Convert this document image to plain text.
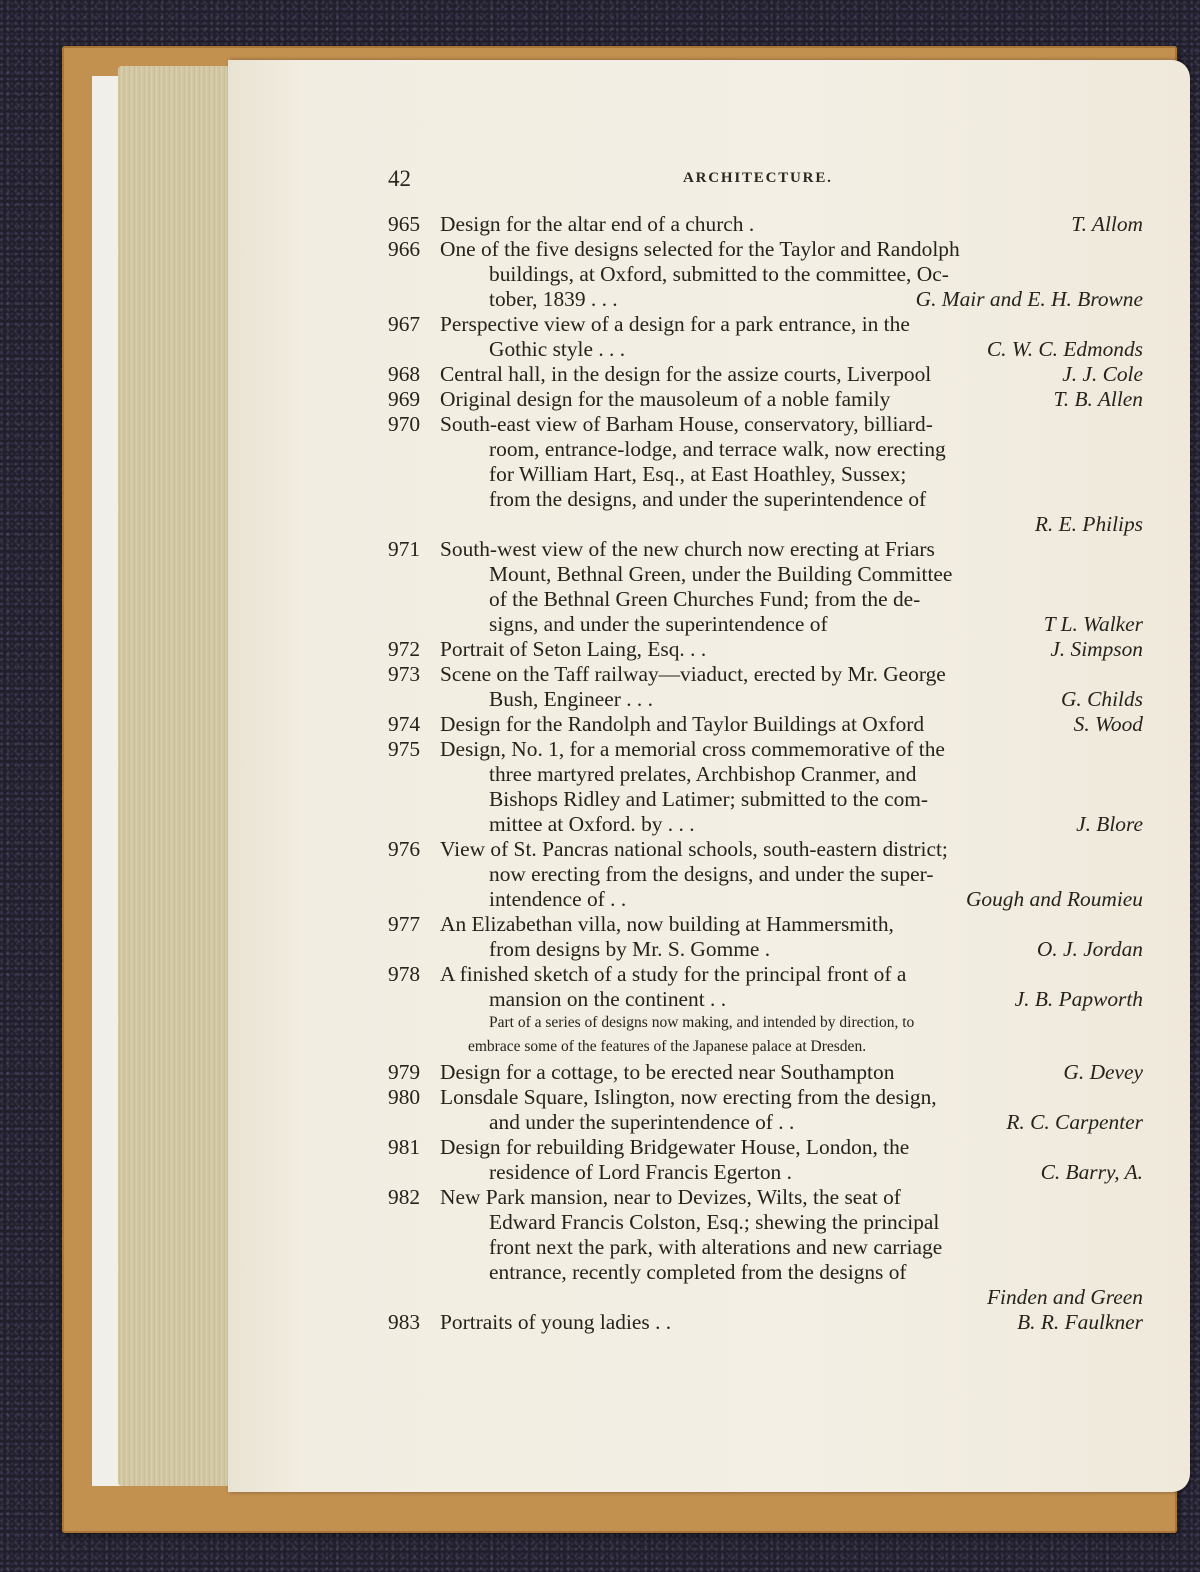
42	ARCHITECTURE.
965 Design for the altar end of a church .	T. Allom
966 One of the five designs selected for the Taylor and Randolph
buildings, at Oxford, submitted to the committee, Oc-
tober, 1839 . . .	G. Mair and E. H. Browne
967 Perspective view of a design for a park entrance, in the
Gothic style . . .	C. W. C. Edmonds
968 Central hall, in the design for the assize courts, Liverpool	J. J. Cole
969 Original design for the mausoleum of a noble family	T. B. Allen
970 South-east view of Barham House, conservatory, billiard-
room, entrance-lodge, and terrace walk, now erecting
for William Hart, Esq., at East Hoathley, Sussex;
from the designs, and under the superintendence of
R. E. Philips
971 South-west view of the new church now erecting at Friars
Mount, Bethnal Green, under the Building Committee
of the Bethnal Green Churches Fund; from the de-
signs, and under the superintendence of	T L. Walker
972 Portrait of Seton Laing, Esq. . .	J. Simpson
973 Scene on the Taff railway—viaduct, erected by Mr. George
Bush, Engineer . . .	G. Childs
974 Design for the Randolph and Taylor Buildings at Oxford	S. Wood
975 Design, No. 1, for a memorial cross commemorative of the
three martyred prelates, Archbishop Cranmer, and
Bishops Ridley and Latimer; submitted to the com-
mittee at Oxford. by . . .	J. Blore
976 View of St. Pancras national schools, south-eastern district;
now erecting from the designs, and under the super-
intendence of . .	Gough and Roumieu
977 An Elizabethan villa, now building at Hammersmith,
from designs by Mr. S. Gomme .	O. J. Jordan
978 A finished sketch of a study for the principal front of a
mansion on the continent . .	J. B. Papworth
Part of a series of designs now making, and intended by direction, to
embrace some of the features of the Japanese palace at Dresden.
979 Design for a cottage, to be erected near Southampton	G. Devey
980 Lonsdale Square, Islington, now erecting from the design,
and under the superintendence of . .	R. C. Carpenter
981 Design for rebuilding Bridgewater House, London, the
residence of Lord Francis Egerton .	C. Barry, A.
982 New Park mansion, near to Devizes, Wilts, the seat of
Edward Francis Colston, Esq.; shewing the principal
front next the park, with alterations and new carriage
entrance, recently completed from the designs of
Finden and Green
983 Portraits of young ladies . .	B. R. Faulkner
